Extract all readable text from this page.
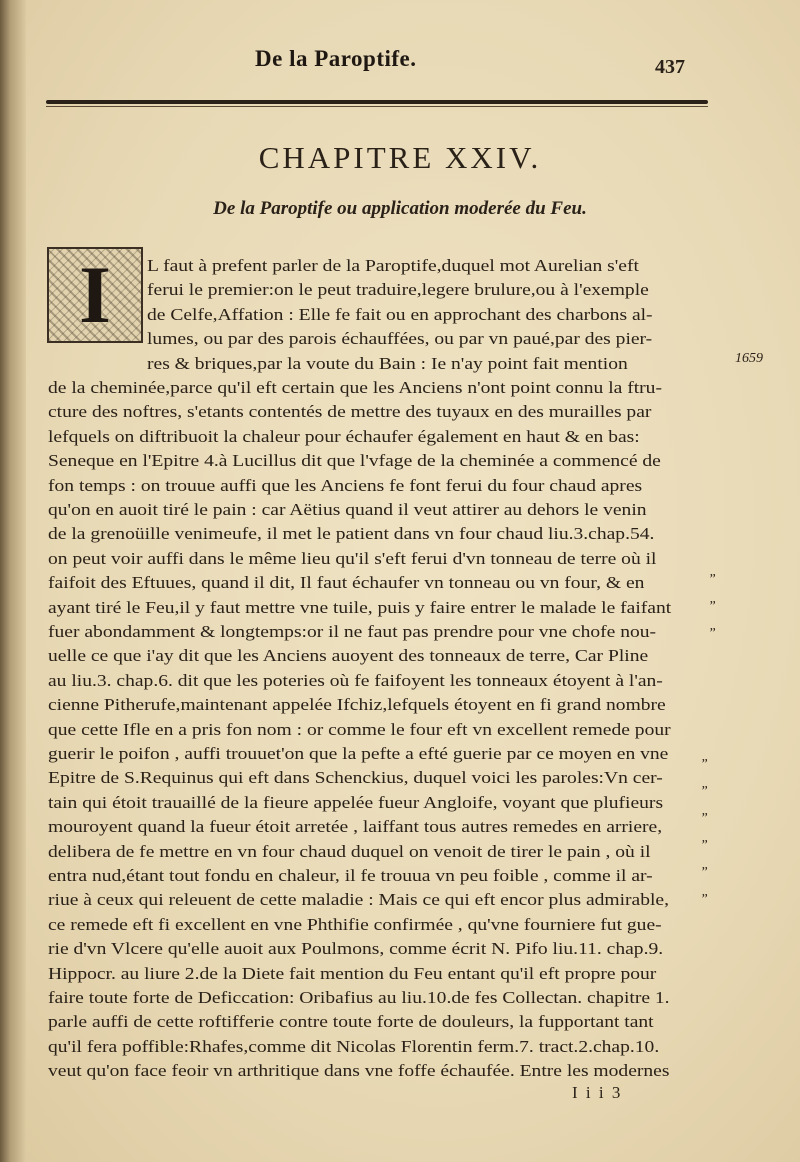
De la Paroptife.	437
CHAPITRE XXIV.
De la Paroptife ou application moderée du Feu.
I L faut à prefent parler de la Paroptife,duquel mot Aurelian s'eft
ferui le premier:on le peut traduire,legere brulure,ou à l'exemple
de Celfe,Affation : Elle fe fait ou en approchant des charbons al-
lumes, ou par des parois échauffées, ou par vn paué,par des pier-
res & briques,par la voute du Bain : Ie n'ay point fait mention
de la cheminée,parce qu'il eft certain que les Anciens n'ont point connu la ftru-
cture des noftres, s'etants contentés de mettre des tuyaux en des murailles par
lefquels on diftribuoit la chaleur pour échaufer également en haut & en bas:
Seneque en l'Epitre 4.à Lucillus dit que l'vfage de la cheminée a commencé de
fon temps : on trouue auffi que les Anciens fe font ferui du four chaud apres
qu'on en auoit tiré le pain : car Aëtius quand il veut attirer au dehors le venin
de la grenoüille venimeufe, il met le patient dans vn four chaud liu.3.chap.54.
on peut voir auffi dans le même lieu qu'il s'eft ferui d'vn tonneau de terre où il
faifoit des Eftuues, quand il dit, Il faut échaufer vn tonneau ou vn four, & en
ayant tiré le Feu,il y faut mettre vne tuile, puis y faire entrer le malade le faifant
fuer abondamment & longtemps:or il ne faut pas prendre pour vne chofe nou-
uelle ce que i'ay dit que les Anciens auoyent des tonneaux de terre, Car Pline
au liu.3. chap.6. dit que les poteries où fe faifoyent les tonneaux étoyent à l'an-
cienne Pitherufe,maintenant appelée Ifchiz,lefquels étoyent en fi grand nombre
que cette Ifle en a pris fon nom : or comme le four eft vn excellent remede pour
guerir le poifon , auffi trouuet'on que la pefte a efté guerie par ce moyen en vne
Epitre de S.Requinus qui eft dans Schenckius, duquel voici les paroles:Vn cer-
tain qui étoit trauaillé de la fieure appelée fueur Angloife, voyant que plufieurs
mouroyent quand la fueur étoit arretée , laiffant tous autres remedes en arriere,
delibera de fe mettre en vn four chaud duquel on venoit de tirer le pain , où il
entra nud,étant tout fondu en chaleur, il fe trouua vn peu foible , comme il ar-
riue à ceux qui releuent de cette maladie : Mais ce qui eft encor plus admirable,
ce remede eft fi excellent en vne Phthifie confirmée , qu'vne fourniere fut gue-
rie d'vn Vlcere qu'elle auoit aux Poulmons, comme écrit N. Pifo liu.11. chap.9.
Hippocr. au liure 2.de la Diete fait mention du Feu entant qu'il eft propre pour
faire toute forte de Deficcation: Oribafius au liu.10.de fes Collectan. chapitre 1.
parle auffi de cette roftifferie contre toute forte de douleurs, la fupportant tant
qu'il fera poffible:Rhafes,comme dit Nicolas Florentin ferm.7. tract.2.chap.10.
veut qu'on face feoir vn arthritique dans vne foffe échaufée. Entre les modernes
1659
”
”
”
”
”
”
”
”
”
I i i 3
